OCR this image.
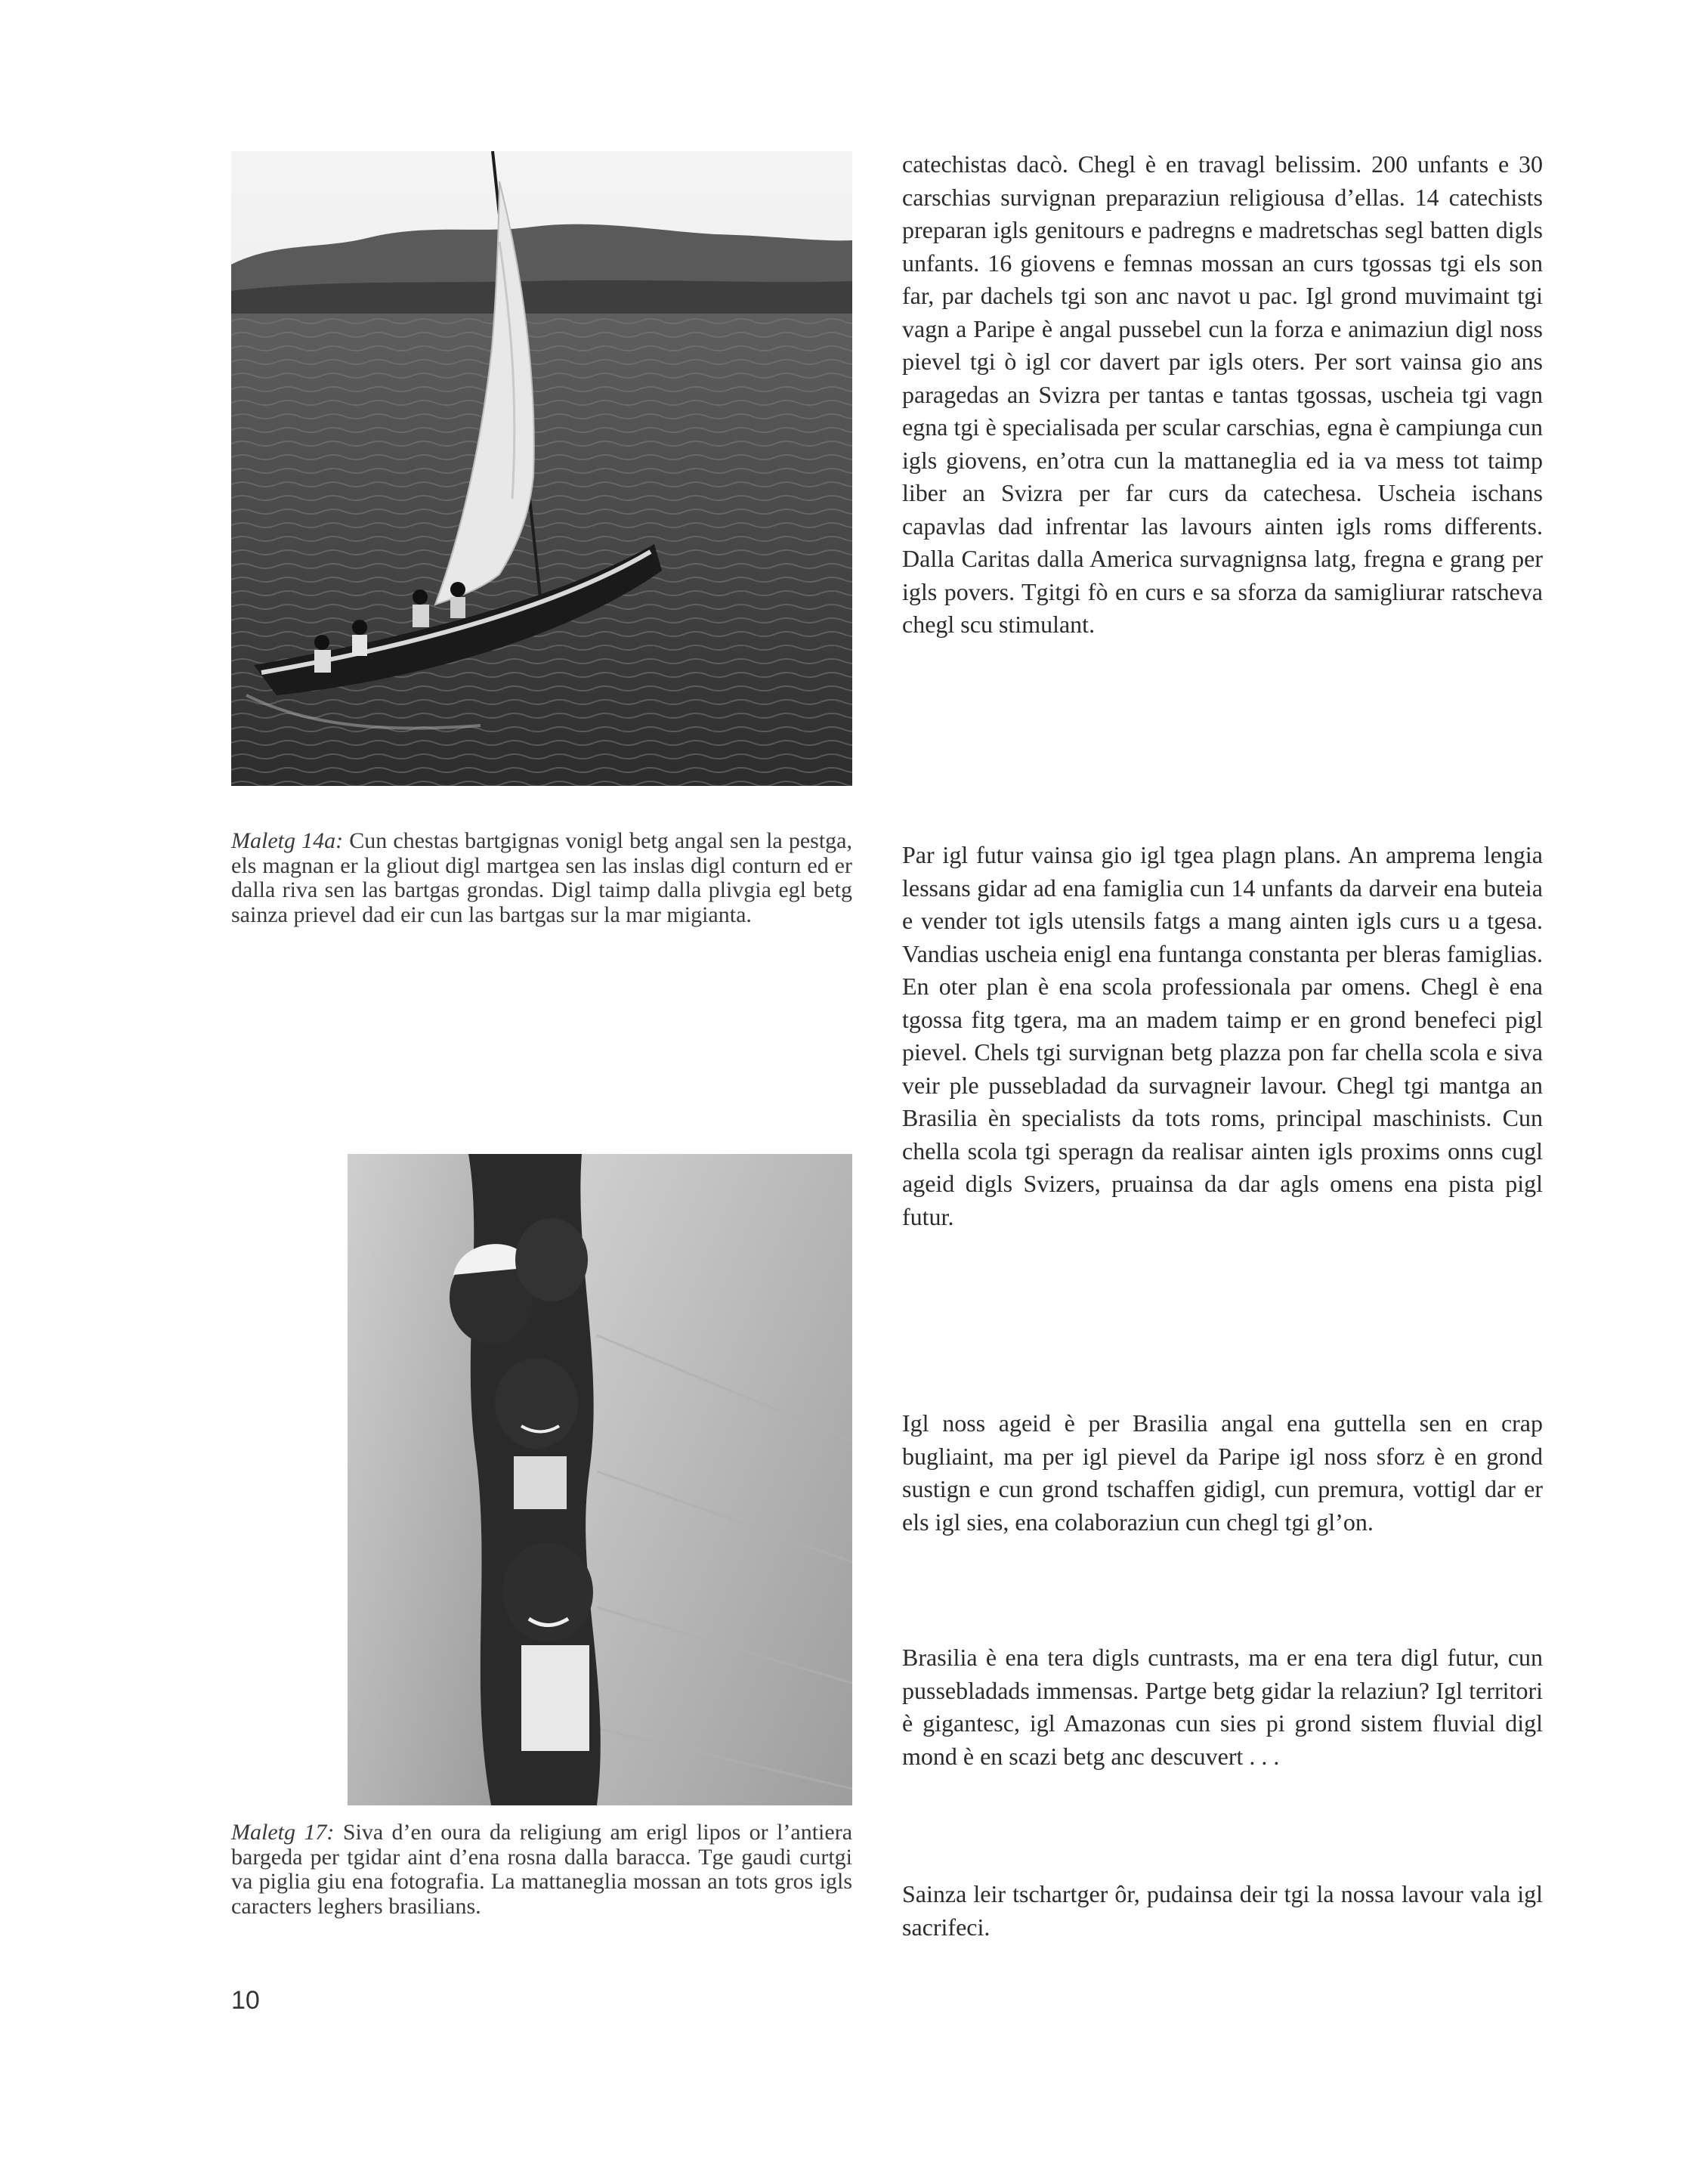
Maletg 14a: Cun chestas bartgignas vonigl betg angal sen la pestga, els magnan er la gliout digl martgea sen las inslas digl conturn ed er dalla riva sen las bartgas grondas. Digl taimp dalla plivgia egl betg sainza prievel dad eir cun las bartgas sur la mar migianta.
Maletg 17: Siva d’en oura da religiung am erigl lipos or l’antiera bargeda per tgidar aint d’ena rosna dalla baracca. Tge gaudi curtgi va piglia giu ena fotografia. La mattaneglia mossan an tots gros igls caracters leghers brasilians.

catechistas dacò. Chegl è en travagl belissim. 200 unfants e 30 carschias survignan preparaziun religiousa d’ellas. 14 catechists preparan igls genitours e padregns e madretschas segl batten digls unfants. 16 giovens e femnas mossan an curs tgossas tgi els son far, par dachels tgi son anc navot u pac. Igl grond muvimaint tgi vagn a Paripe è angal pussebel cun la forza e animaziun digl noss pievel tgi ò igl cor davert par igls oters. Per sort vainsa gio ans paragedas an Svizra per tantas e tantas tgossas, uscheia tgi vagn egna tgi è specialisada per scular carschias, egna è campiunga cun igls giovens, en’otra cun la mattaneglia ed ia va mess tot taimp liber an Svizra per far curs da catechesa. Uscheia ischans capavlas dad infrentar las lavours ainten igls roms differents. Dalla Caritas dalla America survagnignsa latg, fregna e grang per igls povers. Tgitgi fò en curs e sa sforza da samigliurar ratscheva chegl scu stimulant.

Par igl futur vainsa gio igl tgea plagn plans. An amprema lengia lessans gidar ad ena famiglia cun 14 unfants da darveir ena buteia e vender tot igls utensils fatgs a mang ainten igls curs u a tgesa. Vandias uscheia enigl ena funtanga constanta per bleras famiglias. En oter plan è ena scola professionala par omens. Chegl è ena tgossa fitg tgera, ma an madem taimp er en grond benefeci pigl pievel. Chels tgi survignan betg plazza pon far chella scola e siva veir ple pussebladad da survagneir lavour. Chegl tgi mantga an Brasilia èn specialists da tots roms, principal maschinists. Cun chella scola tgi speragn da realisar ainten igls proxims onns cugl ageid digls Svizers, pruainsa da dar agls omens ena pista pigl futur.

Igl noss ageid è per Brasilia angal ena guttella sen en crap bugliaint, ma per igl pievel da Paripe igl noss sforz è en grond sustign e cun grond tschaffen gidigl, cun premura, vottigl dar er els igl sies, ena colaboraziun cun chegl tgi gl’on.

Brasilia è ena tera digls cuntrasts, ma er ena tera digl futur, cun pussebladads immensas. Partge betg gidar la relaziun? Igl territori è gigantesc, igl Amazonas cun sies pi grond sistem fluvial digl mond è en scazi betg anc descuvert . . .

Sainza leir tschartger ôr, pudainsa deir tgi la nossa lavour vala igl sacrifeci.

10
